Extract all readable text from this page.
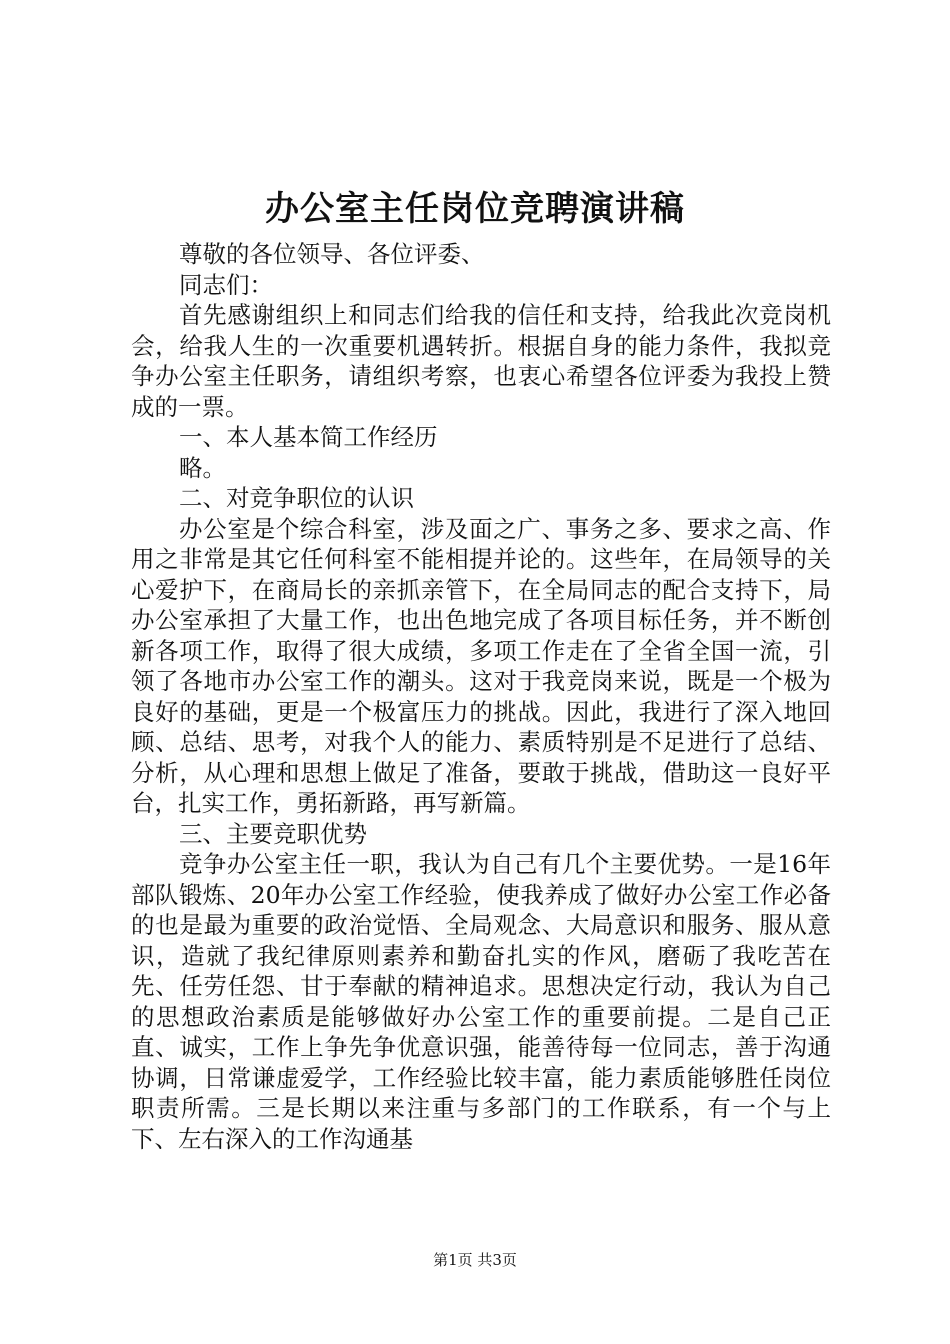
办公室主任岗位竞聘演讲稿

尊敬的各位领导、各位评委、

同志们：

首先感谢组织上和同志们给我的信任和支持，给我此次竞岗机会，给我人生的一次重要机遇转折。根据自身的能力条件，我拟竞争办公室主任职务，请组织考察，也衷心希望各位评委为我投上赞成的一票。

一、本人基本简工作经历

略。

二、对竞争职位的认识

办公室是个综合科室，涉及面之广、事务之多、要求之高、作用之非常是其它任何科室不能相提并论的。这些年，在局领导的关心爱护下，在商局长的亲抓亲管下，在全局同志的配合支持下，局办公室承担了大量工作，也出色地完成了各项目标任务，并不断创新各项工作，取得了很大成绩，多项工作走在了全省全国一流，引领了各地市办公室工作的潮头。这对于我竞岗来说，既是一个极为良好的基础，更是一个极富压力的挑战。因此，我进行了深入地回顾、总结、思考，对我个人的能力、素质特别是不足进行了总结、分析，从心理和思想上做足了准备，要敢于挑战，借助这一良好平台，扎实工作，勇拓新路，再写新篇。

三、主要竞职优势

竞争办公室主任一职，我认为自己有几个主要优势。一是16年部队锻炼、20年办公室工作经验，使我养成了做好办公室工作必备的也是最为重要的政治觉悟、全局观念、大局意识和服务、服从意识，造就了我纪律原则素养和勤奋扎实的作风，磨砺了我吃苦在先、任劳任怨、甘于奉献的精神追求。思想决定行动，我认为自己的思想政治素质是能够做好办公室工作的重要前提。二是自己正直、诚实，工作上争先争优意识强，能善待每一位同志，善于沟通协调，日常谦虚爱学，工作经验比较丰富，能力素质能够胜任岗位职责所需。三是长期以来注重与多部门的工作联系，有一个与上下、左右深入的工作沟通基

第1页 共3页
